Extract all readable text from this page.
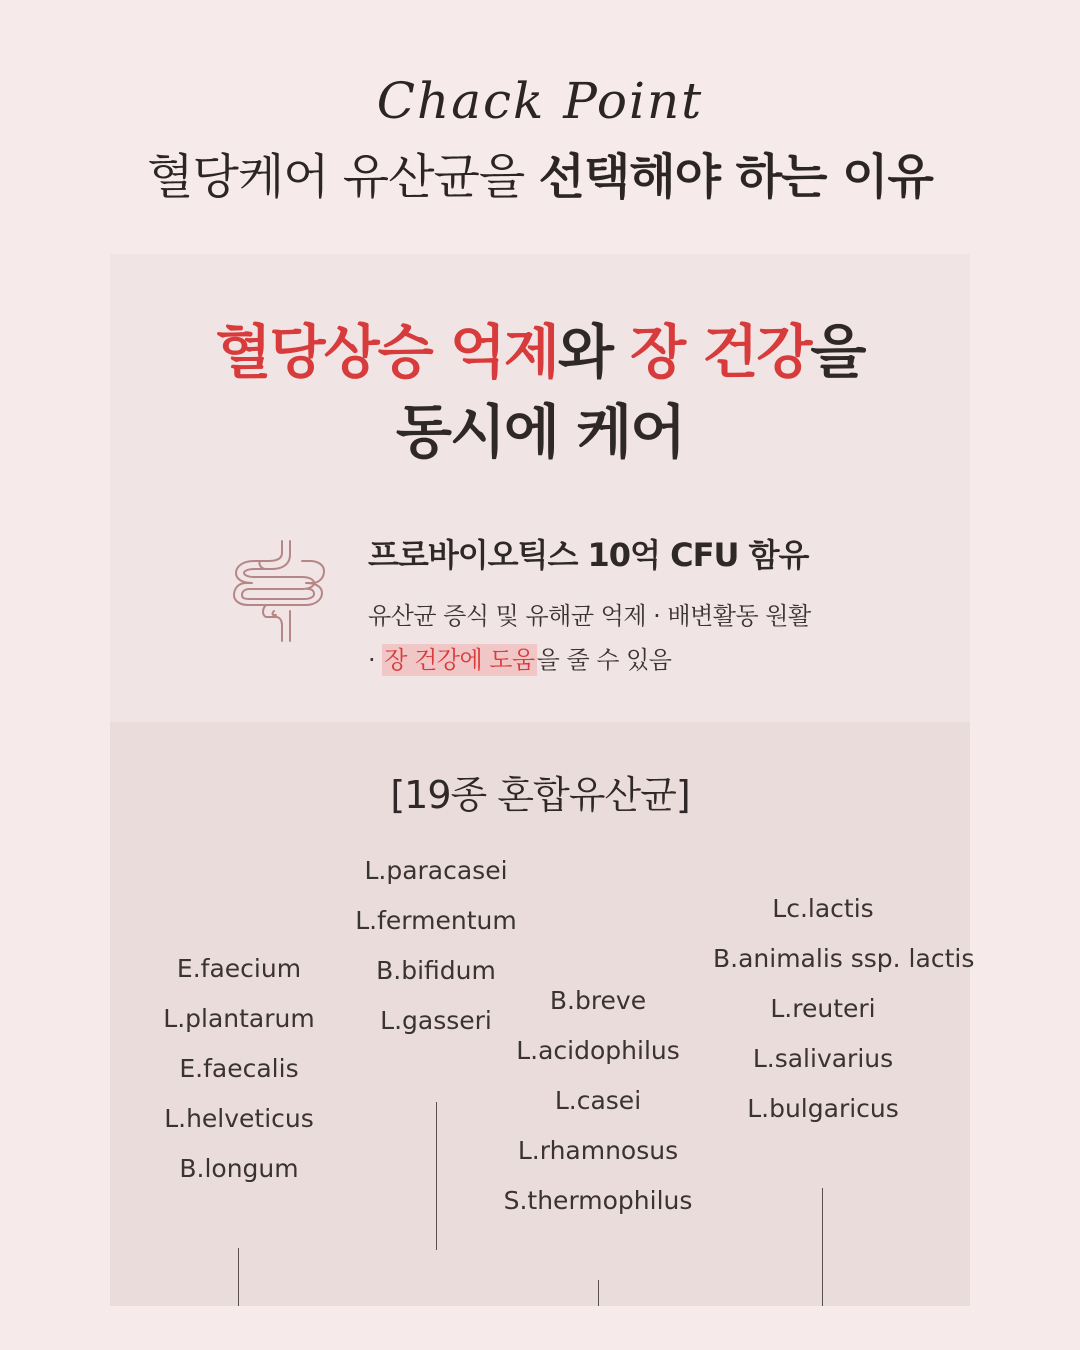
Chack Point
혈당케어 유산균을 선택해야 하는 이유
혈당상승 억제와 장 건강을
동시에 케어
프로바이오틱스 10억 CFU 함유
유산균 증식 및 유해균 억제 · 배변활동 원활
· 장 건강에 도움을 줄 수 있음
[19종 혼합유산균]
E.faecium
L.plantarum
E.faecalis
L.helveticus
B.longum
L.paracasei
L.fermentum
B.bifidum
L.gasseri
B.breve
L.acidophilus
L.casei
L.rhamnosus
S.thermophilus
Lc.lactis
B.animalis ssp. lactis
L.reuteri
L.salivarius
L.bulgaricus
